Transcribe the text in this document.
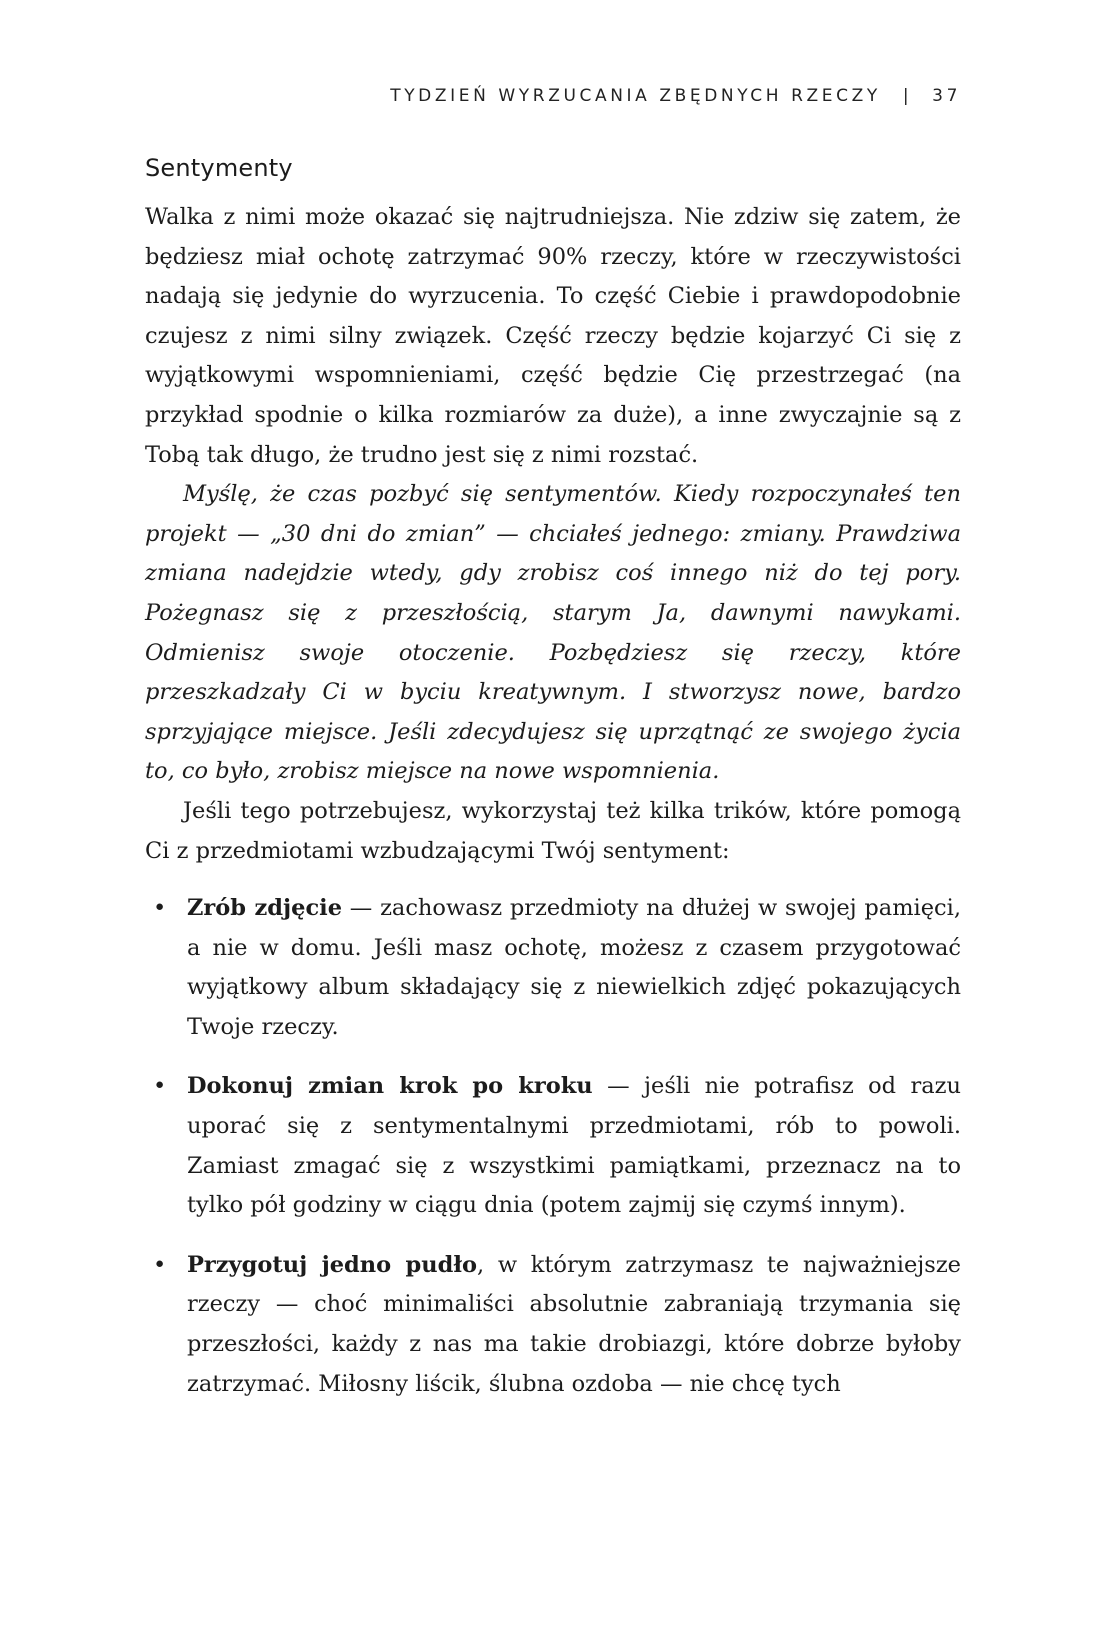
TYDZIEŃ WYRZUCANIA ZBĘDNYCH RZECZY | 37
Sentymenty

Walka z nimi może okazać się najtrudniejsza. Nie zdziw się zatem, że będziesz miał ochotę zatrzymać 90% rzeczy, które w rzeczywistości nadają się jedynie do wyrzucenia. To część Ciebie i prawdopodobnie czujesz z nimi silny związek. Część rzeczy będzie kojarzyć Ci się z wyjątkowymi wspomnieniami, część będzie Cię przestrzegać (na przykład spodnie o kilka rozmiarów za duże), a inne zwyczajnie są z Tobą tak długo, że trudno jest się z nimi rozstać.

Myślę, że czas pozbyć się sentymentów. Kiedy rozpoczynałeś ten projekt — „30 dni do zmian” — chciałeś jednego: zmiany. Prawdziwa zmiana nadejdzie wtedy, gdy zrobisz coś innego niż do tej pory. Pożegnasz się z przeszłością, starym Ja, dawnymi nawykami. Odmienisz swoje otoczenie. Pozbędziesz się rzeczy, które przeszkadzały Ci w byciu kreatywnym. I stworzysz nowe, bardzo sprzyjające miejsce. Jeśli zdecydujesz się uprzątnąć ze swojego życia to, co było, zrobisz miejsce na nowe wspomnienia.

Jeśli tego potrzebujesz, wykorzystaj też kilka trików, które pomogą Ci z przedmiotami wzbudzającymi Twój sentyment:

• Zrób zdjęcie — zachowasz przedmioty na dłużej w swojej pamięci, a nie w domu. Jeśli masz ochotę, możesz z czasem przygotować wyjątkowy album składający się z niewielkich zdjęć pokazujących Twoje rzeczy.
• Dokonuj zmian krok po kroku — jeśli nie potrafisz od razu uporać się z sentymentalnymi przedmiotami, rób to powoli. Zamiast zmagać się z wszystkimi pamiątkami, przeznacz na to tylko pół godziny w ciągu dnia (potem zajmij się czymś innym).
• Przygotuj jedno pudło, w którym zatrzymasz te najważniejsze rzeczy — choć minimaliści absolutnie zabraniają trzymania się przeszłości, każdy z nas ma takie drobiazgi, które dobrze byłoby zatrzymać. Miłosny liścik, ślubna ozdoba — nie chcę tych
